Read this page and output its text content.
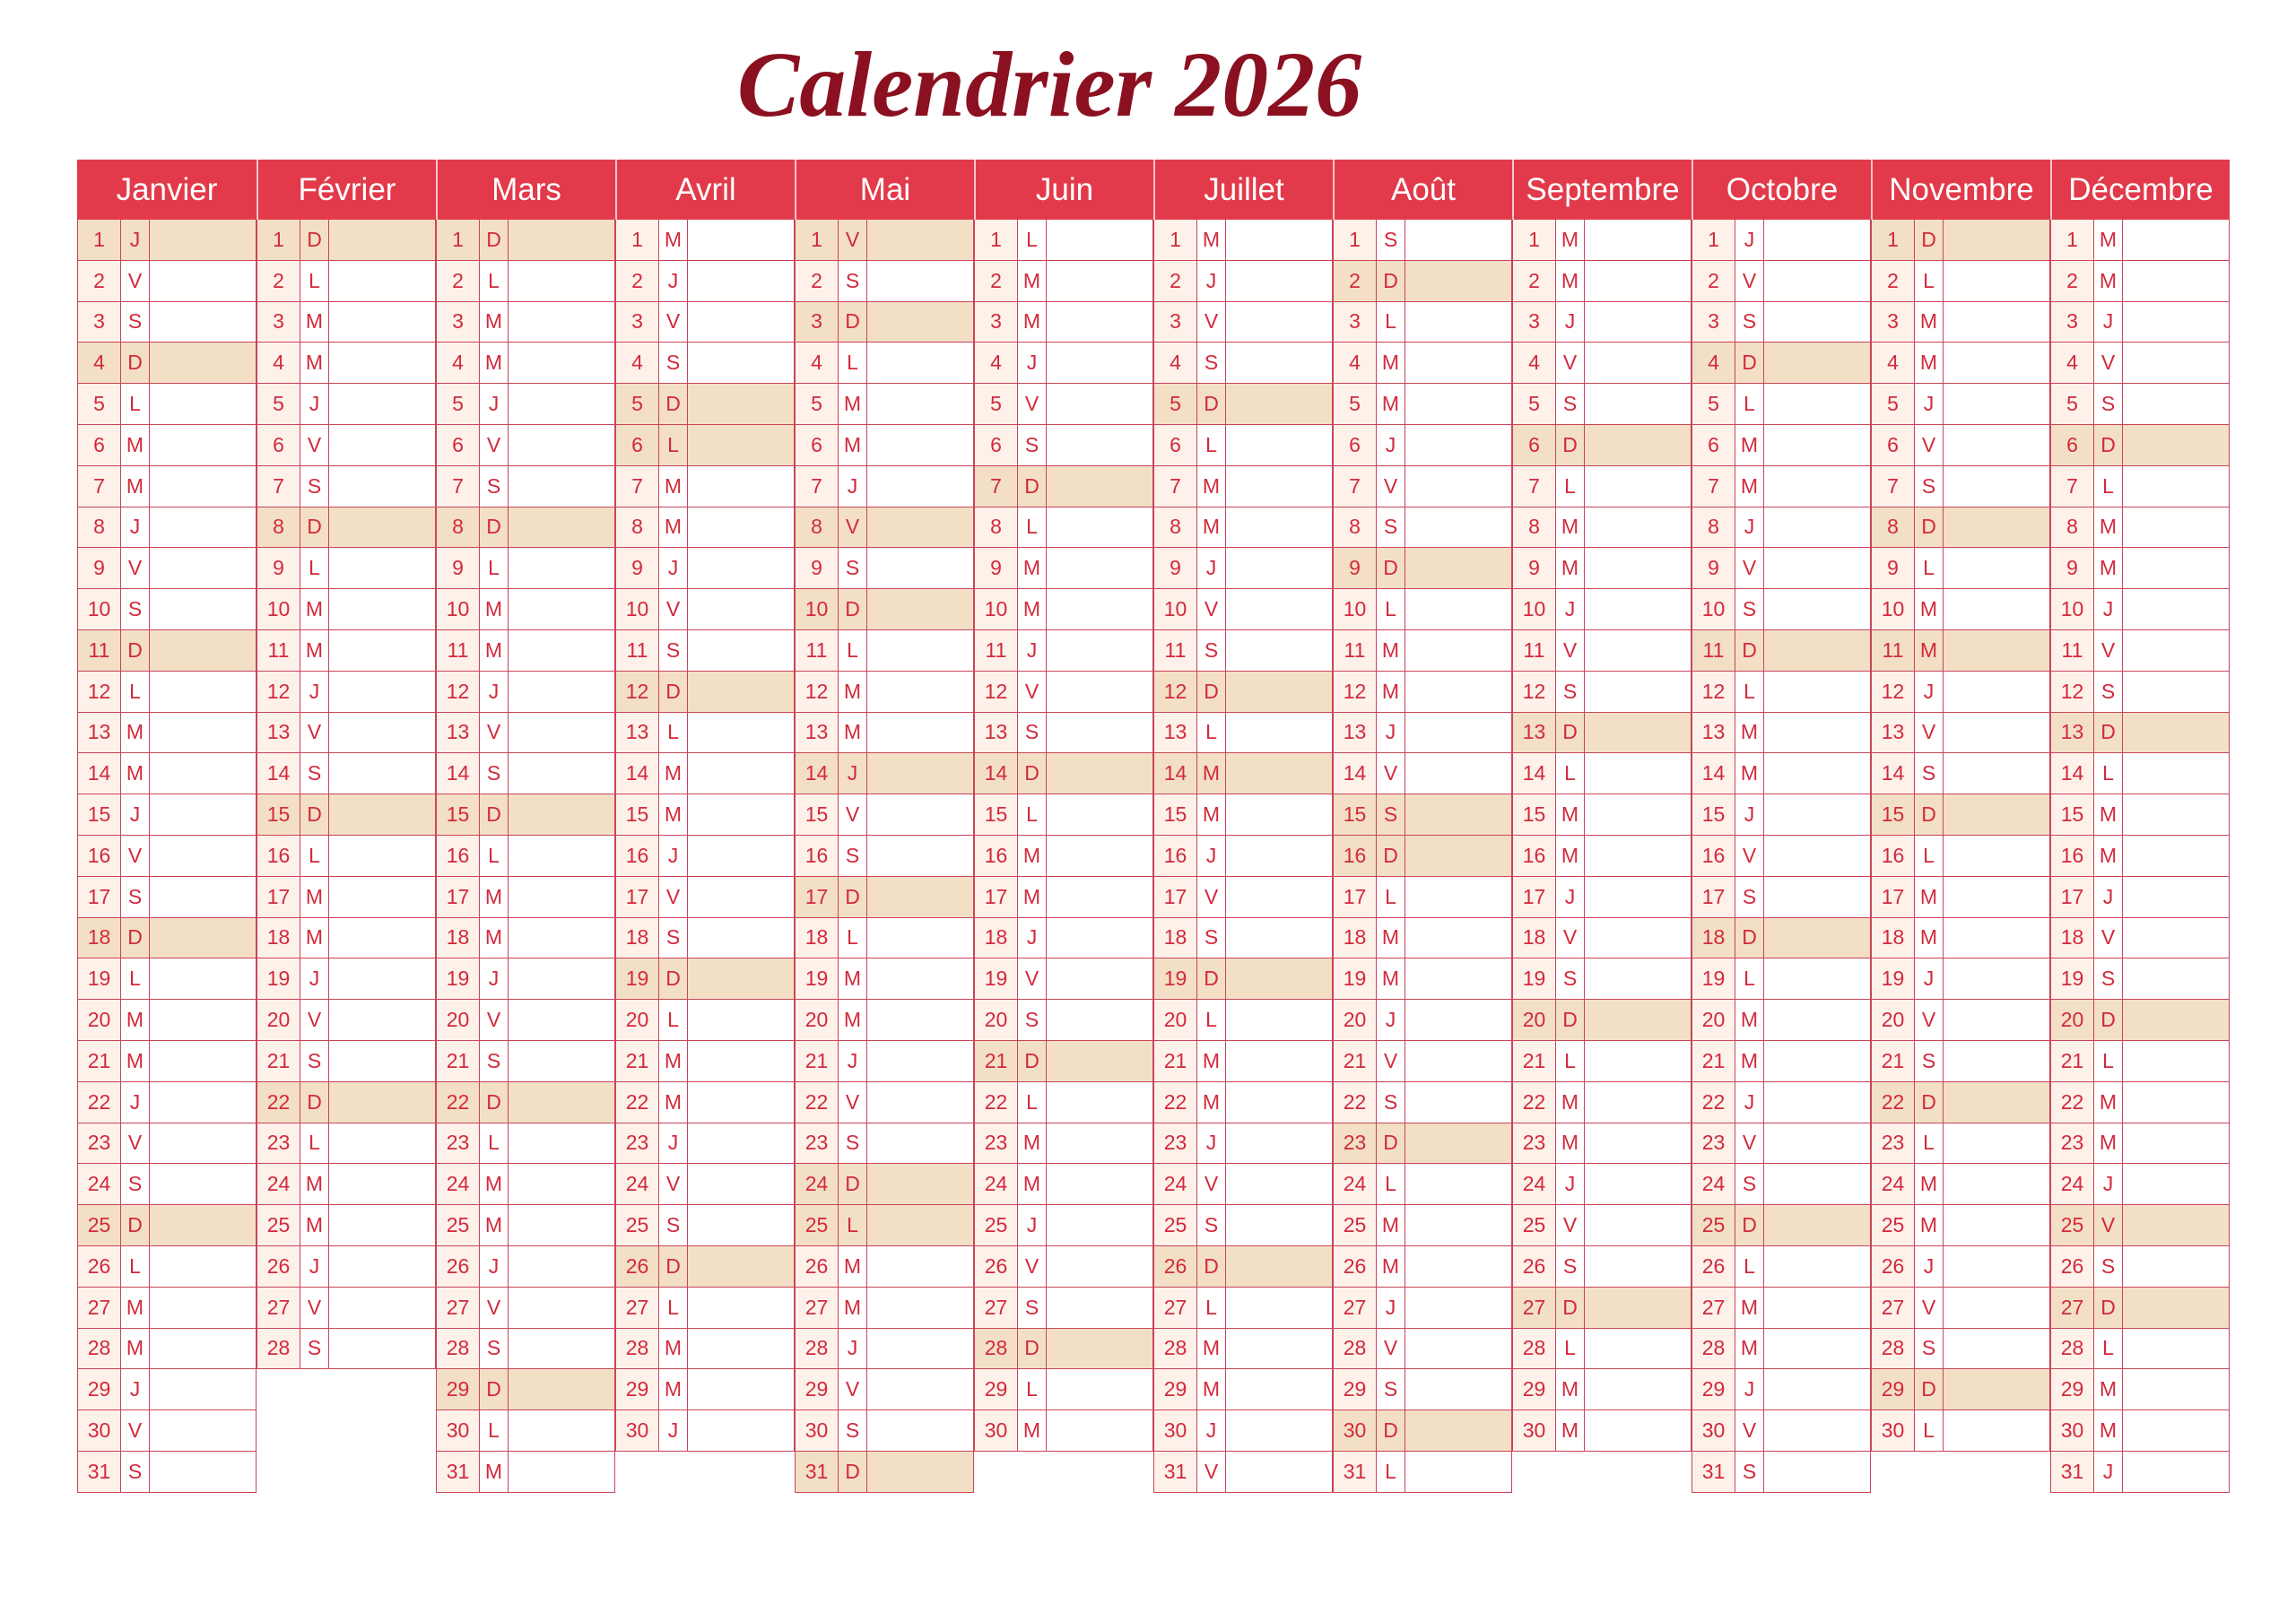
Calendrier 2026
Janvier
1	J
2	V
3	S
4	D
5	L
6	M
7	M
8	J
9	V
10 S
11 D
12 L
13 M
14 M
15 J
16 V
17 S
18 D
19 L
20 M
21 M
22 J
23 V
24 S
25 D
26 L
27 M
28 M
29 J
30 V
31 S
Février
1	D
2	L
3	M
4	M
5	J
6	V
7	S
8	D
9	L
10 M
11 M
12 J
13 V
14 S
15 D
16 L
17 M
18 M
19 J
20 V
21 S
22 D
23 L
24 M
25 M
26 J
27 V
28 S
Mars
1	D
2	L
3	M
4	M
5	J
6	V
7	S
8	D
9	L
10 M
11 M
12 J
13 V
14 S
15 D
16 L
17 M
18 M
19 J
20 V
21 S
22 D
23 L
24 M
25 M
26 J
27 V
28 S
29 D
30 L
31 M
Avril
1	M
2	J
3	V
4	S
5	D
6	L
7	M
8	M
9	J
10 V
11 S
12 D
13 L
14 M
15 M
16 J
17 V
18 S
19 D
20 L
21 M
22 M
23 J
24 V
25 S
26 D
27 L
28 M
29 M
30 J
Mai
1	V
2	S
3	D
4	L
5	M
6	M
7	J
8	V
9	S
10 D
11 L
12 M
13 M
14 J
15 V
16 S
17 D
18 L
19 M
20 M
21 J
22 V
23 S
24 D
25 L
26 M
27 M
28 J
29 V
30 S
31 D
Juin
1	L
2	M
3	M
4	J
5	V
6	S
7	D
8	L
9	M
10 M
11 J
12 V
13 S
14 D
15 L
16 M
17 M
18 J
19 V
20 S
21 D
22 L
23 M
24 M
25 J
26 V
27 S
28 D
29 L
30 M
Juillet
1	M
2	J
3	V
4	S
5	D
6	L
7	M
8	M
9	J
10 V
11 S
12 D
13 L
14 M
15 M
16 J
17 V
18 S
19 D
20 L
21 M
22 M
23 J
24 V
25 S
26 D
27 L
28 M
29 M
30 J
31 V
Août
1	S
2	D
3	L
4	M
5	M
6	J
7	V
8	S
9	D
10 L
11 M
12 M
13 J
14 V
15 S
16 D
17 L
18 M
19 M
20 J
21 V
22 S
23 D
24 L
25 M
26 M
27 J
28 V
29 S
30 D
31 L
Septembre
1	M
2	M
3	J
4	V
5	S
6	D
7	L
8	M
9	M
10 J
11 V
12 S
13 D
14 L
15 M
16 M
17 J
18 V
19 S
20 D
21 L
22 M
23 M
24 J
25 V
26 S
27 D
28 L
29 M
30 M
Octobre
1	J
2	V
3	S
4	D
5	L
6	M
7	M
8	J
9	V
10 S
11 D
12 L
13 M
14 M
15 J
16 V
17 S
18 D
19 L
20 M
21 M
22 J
23 V
24 S
25 D
26 L
27 M
28 M
29 J
30 V
31 S
Novembre
1	D
2	L
3	M
4	M
5	J
6	V
7	S
8	D
9	L
10 M
11 M
12 J
13 V
14 S
15 D
16 L
17 M
18 M
19 J
20 V
21 S
22 D
23 L
24 M
25 M
26 J
27 V
28 S
29 D
30 L
Décembre
1	M
2	M
3	J
4	V
5	S
6	D
7	L
8	M
9	M
10 J
11 V
12 S
13 D
14 L
15 M
16 M
17 J
18 V
19 S
20 D
21 L
22 M
23 M
24 J
25 V
26 S
27 D
28 L
29 M
30 M
31 J
